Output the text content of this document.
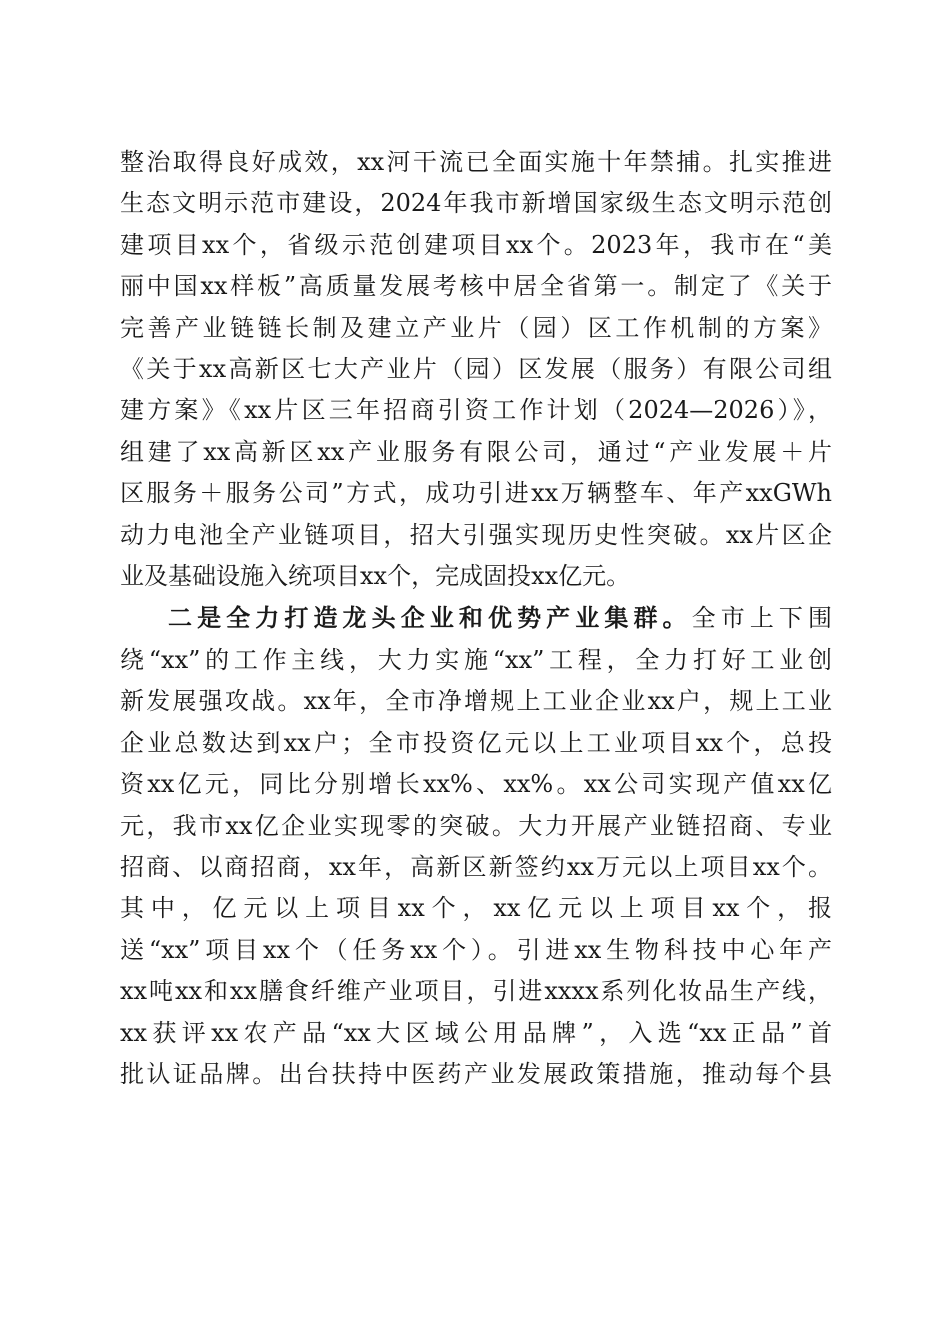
整治取得良好成效，xx河干流已全面实施十年禁捕。扎实推进
生态文明示范市建设，2024年我市新增国家级生态文明示范创
建项目xx个，省级示范创建项目xx个。2023年，我市在“美
丽中国xx样板”高质量发展考核中居全省第一。制定了《关于
完善产业链链长制及建立产业片（园）区工作机制的方案》
《关于xx高新区七大产业片（园）区发展（服务）有限公司组
建方案》《xx片区三年招商引资工作计划（2024—2026）》，
组建了xx高新区xx产业服务有限公司，通过“产业发展＋片
区服务＋服务公司”方式，成功引进xx万辆整车、年产xxGWh
动力电池全产业链项目，招大引强实现历史性突破。xx片区企
业及基础设施入统项目xx个，完成固投xx亿元。
二是全力打造龙头企业和优势产业集群。全市上下围
绕“xx”的工作主线，大力实施“xx”工程，全力打好工业创
新发展强攻战。xx年，全市净增规上工业企业xx户，规上工业
企业总数达到xx户；全市投资亿元以上工业项目xx个，总投
资xx亿元，同比分别增长xx%、xx%。xx公司实现产值xx亿
元，我市xx亿企业实现零的突破。大力开展产业链招商、专业
招商、以商招商，xx年，高新区新签约xx万元以上项目xx个。
其中，亿元以上项目xx个，xx亿元以上项目xx个，报
送“xx”项目xx个（任务xx个）。引进xx生物科技中心年产
xx吨xx和xx膳食纤维产业项目，引进xxxx系列化妆品生产线，
xx获评xx农产品“xx大区域公用品牌”，入选“xx正品”首
批认证品牌。出台扶持中医药产业发展政策措施，推动每个县
